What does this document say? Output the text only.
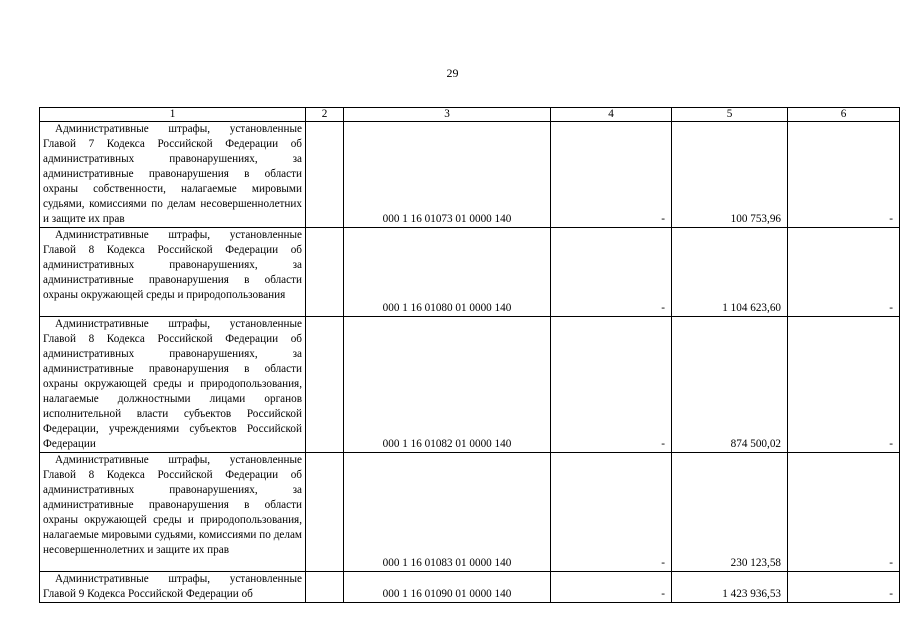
29
1	2	3	4	5	6

Административные штрафы, установленные Главой 7 Кодекса Российской Федерации об административных правонарушениях, за административные правонарушения в области охраны собственности, налагаемые мировыми судьями, комиссиями по делам несовершеннолетних и защите их прав		000 1 16 01073 01 0000 140	-	100 753,96	-

Административные штрафы, установленные Главой 8 Кодекса Российской Федерации об административных правонарушениях, за административные правонарушения в области охраны окружающей среды и природопользования		000 1 16 01080 01 0000 140	-	1 104 623,60	-

Административные штрафы, установленные Главой 8 Кодекса Российской Федерации об административных правонарушениях, за административные правонарушения в области охраны окружающей среды и природопользования, налагаемые должностными лицами органов исполнительной власти субъектов Российской Федерации, учреждениями субъектов Российской Федерации		000 1 16 01082 01 0000 140	-	874 500,02	-

Административные штрафы, установленные Главой 8 Кодекса Российской Федерации об административных правонарушениях, за административные правонарушения в области охраны окружающей среды и природопользования, налагаемые мировыми судьями, комиссиями по делам несовершеннолетних и защите их прав		000 1 16 01083 01 0000 140	-	230 123,58	-

Административные штрафы, установленные Главой 9 Кодекса Российской Федерации об		000 1 16 01090 01 0000 140	-	1 423 936,53	-
